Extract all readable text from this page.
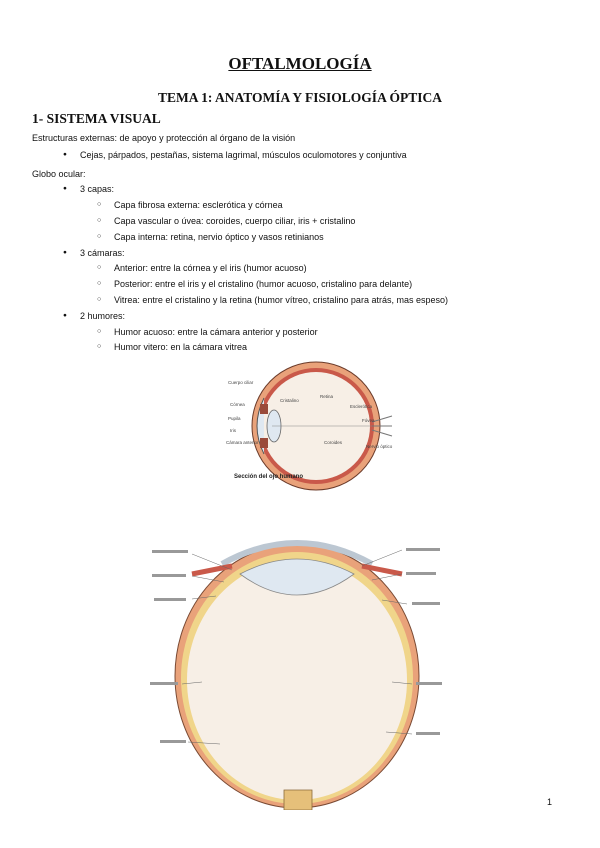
OFTALMOLOGÍA
TEMA 1: ANATOMÍA Y FISIOLOGÍA ÓPTICA
1- SISTEMA VISUAL
Estructuras externas: de apoyo y protección al órgano de la visión
● Cejas, párpados, pestañas, sistema lagrimal, músculos oculomotores y conjuntiva
Globo ocular:
● 3 capas:
○ Capa fibrosa externa: esclerótica y córnea
○ Capa vascular o úvea: coroides, cuerpo ciliar, iris + cristalino
○ Capa interna: retina, nervio óptico y vasos retinianos
● 3 cámaras:
○ Anterior: entre la córnea y el iris (humor acuoso)
○ Posterior: entre el iris y el cristalino (humor acuoso, cristalino para delante)
○ Vitrea: entre el cristalino y la retina (humor vítreo, cristalino para atrás, mas espeso)
● 2 humores:
○ Humor acuoso: entre la cámara anterior y posterior
○ Humor vitero: en la cámara vitrea
Sección del ojo humano
Cuerpo ciliar
Córnea
Pupila
Iris
Cristalino
Cámara anterior
Retina
Coroides
Esclerótica
Fóvea
Nervio óptico
1
